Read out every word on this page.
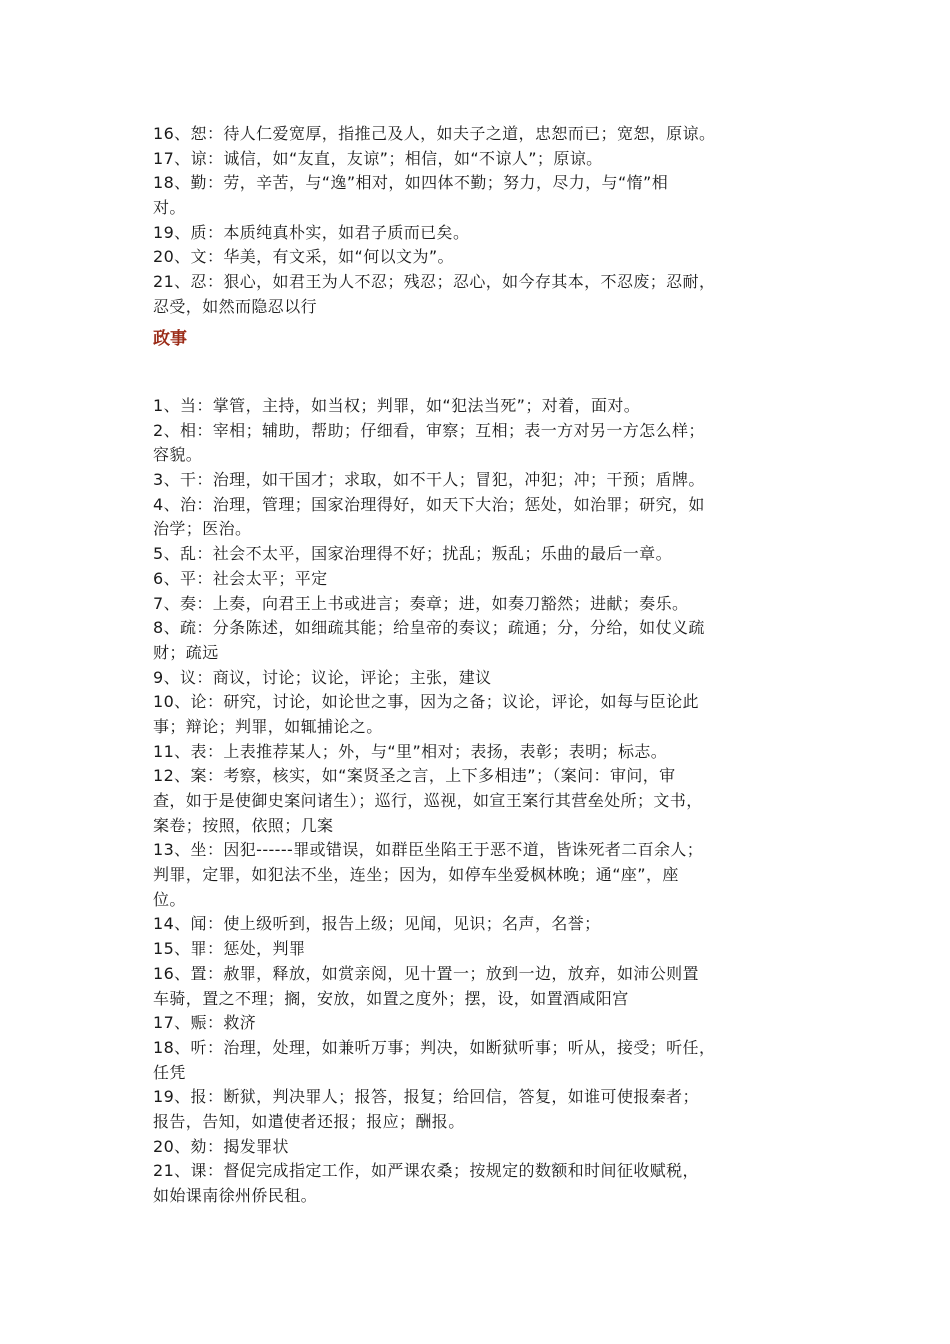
16、恕：待人仁爱宽厚，指推己及人，如夫子之道，忠恕而已；宽恕，原谅。
17、谅：诚信，如“友直，友谅”；相信，如“不谅人”；原谅。
18、勤：劳，辛苦，与“逸”相对，如四体不勤；努力，尽力，与“惰”相
对。
19、质：本质纯真朴实，如君子质而已矣。
20、文：华美，有文采，如“何以文为”。
21、忍：狠心，如君王为人不忍；残忍；忍心，如今存其本，不忍废；忍耐，
忍受，如然而隐忍以行
政事
1、当：掌管，主持，如当权；判罪，如“犯法当死”；对着，面对。
2、相：宰相；辅助，帮助；仔细看，审察；互相；表一方对另一方怎么样；
容貌。
3、干：治理，如干国才；求取，如不干人；冒犯，冲犯；冲；干预；盾牌。
4、治：治理，管理；国家治理得好，如天下大治；惩处，如治罪；研究，如
治学；医治。
5、乱：社会不太平，国家治理得不好；扰乱；叛乱；乐曲的最后一章。
6、平：社会太平；平定
7、奏：上奏，向君王上书或进言；奏章；进，如奏刀豁然；进献；奏乐。
8、疏：分条陈述，如细疏其能；给皇帝的奏议；疏通；分，分给，如仗义疏
财；疏远
9、议：商议，讨论；议论，评论；主张，建议
10、论：研究，讨论，如论世之事，因为之备；议论，评论，如每与臣论此
事；辩论；判罪，如辄捕论之。
11、表：上表推荐某人；外，与“里”相对；表扬，表彰；表明；标志。
12、案：考察，核实，如“案贤圣之言，上下多相违”；（案问：审问，审
查，如于是使御史案问诸生）；巡行，巡视，如宣王案行其营垒处所；文书，
案卷；按照，依照；几案
13、坐：因犯------罪或错误，如群臣坐陷王于恶不道，皆诛死者二百余人；
判罪，定罪，如犯法不坐，连坐；因为，如停车坐爱枫林晚；通“座”，座
位。
14、闻：使上级听到，报告上级；见闻，见识；名声，名誉；
15、罪：惩处，判罪
16、置：赦罪，释放，如赏亲阅，见十置一；放到一边，放弃，如沛公则置
车骑，置之不理；搁，安放，如置之度外；摆，设，如置酒咸阳宫
17、赈：救济
18、听：治理，处理，如兼听万事；判决，如断狱听事；听从，接受；听任，
任凭
19、报：断狱，判决罪人；报答，报复；给回信，答复，如谁可使报秦者；
报告，告知，如遣使者还报；报应；酬报。
20、劾：揭发罪状
21、课：督促完成指定工作，如严课农桑；按规定的数额和时间征收赋税，
如始课南徐州侨民租。
